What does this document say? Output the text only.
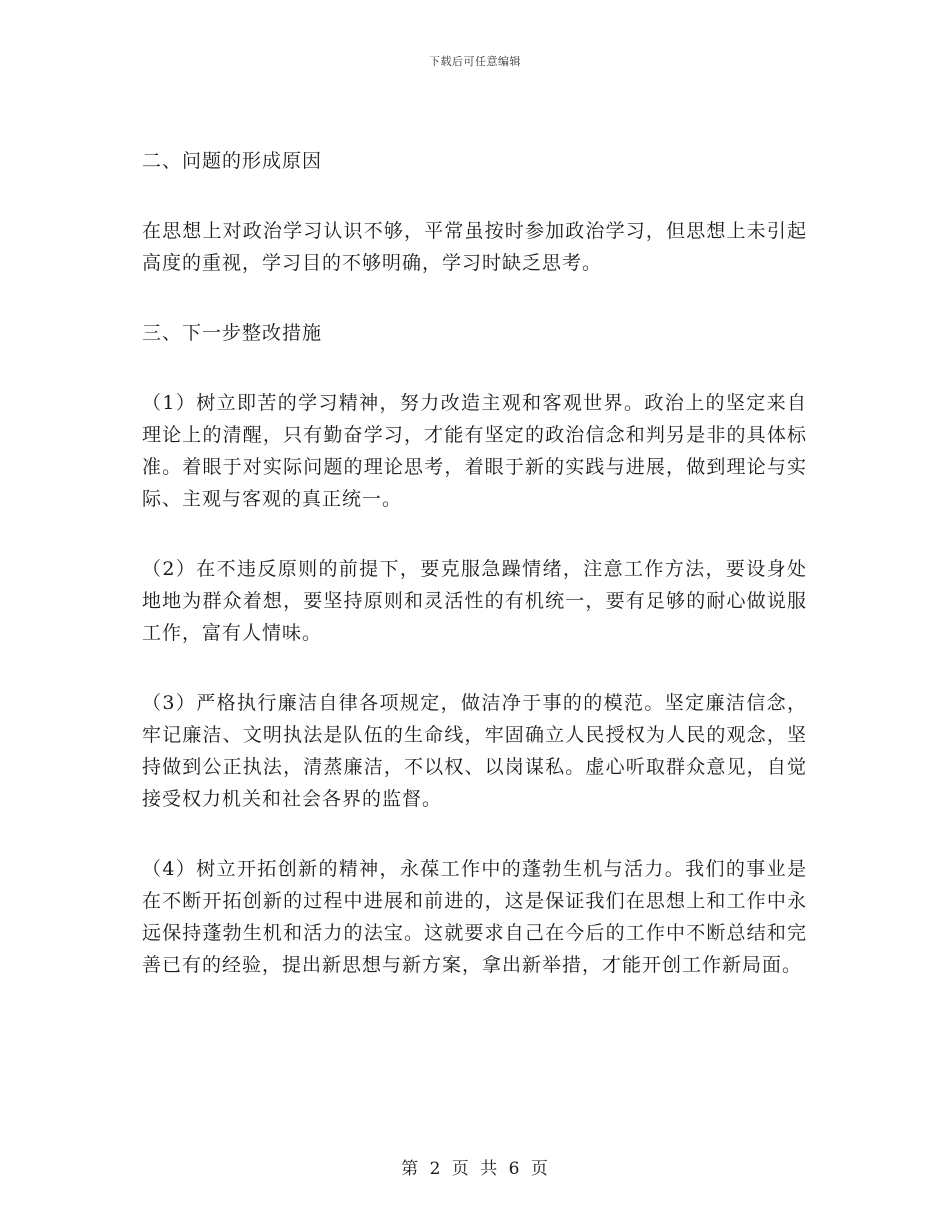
下载后可任意编辑

二、问题的形成原因

在思想上对政治学习认识不够，平常虽按时参加政治学习，但思想上未引起高度的重视，学习目的不够明确，学习时缺乏思考。

三、下一步整改措施

（1）树立即苦的学习精神，努力改造主观和客观世界。政治上的坚定来自理论上的清醒，只有勤奋学习，才能有坚定的政治信念和判另是非的具体标准。着眼于对实际问题的理论思考，着眼于新的实践与进展，做到理论与实际、主观与客观的真正统一。

（2）在不违反原则的前提下，要克服急躁情绪，注意工作方法，要设身处地地为群众着想，要坚持原则和灵活性的有机统一，要有足够的耐心做说服工作，富有人情味。

（3）严格执行廉洁自律各项规定，做洁净于事的的模范。坚定廉洁信念，牢记廉洁、文明执法是队伍的生命线，牢固确立人民授权为人民的观念，坚持做到公正执法，清蒸廉洁，不以权、以岗谋私。虚心听取群众意见，自觉接受权力机关和社会各界的监督。

（4）树立开拓创新的精神，永葆工作中的蓬勃生机与活力。我们的事业是在不断开拓创新的过程中进展和前进的，这是保证我们在思想上和工作中永远保持蓬勃生机和活力的法宝。这就要求自己在今后的工作中不断总结和完善已有的经验，提出新思想与新方案，拿出新举措，才能开创工作新局面。

第 2 页 共 6 页
